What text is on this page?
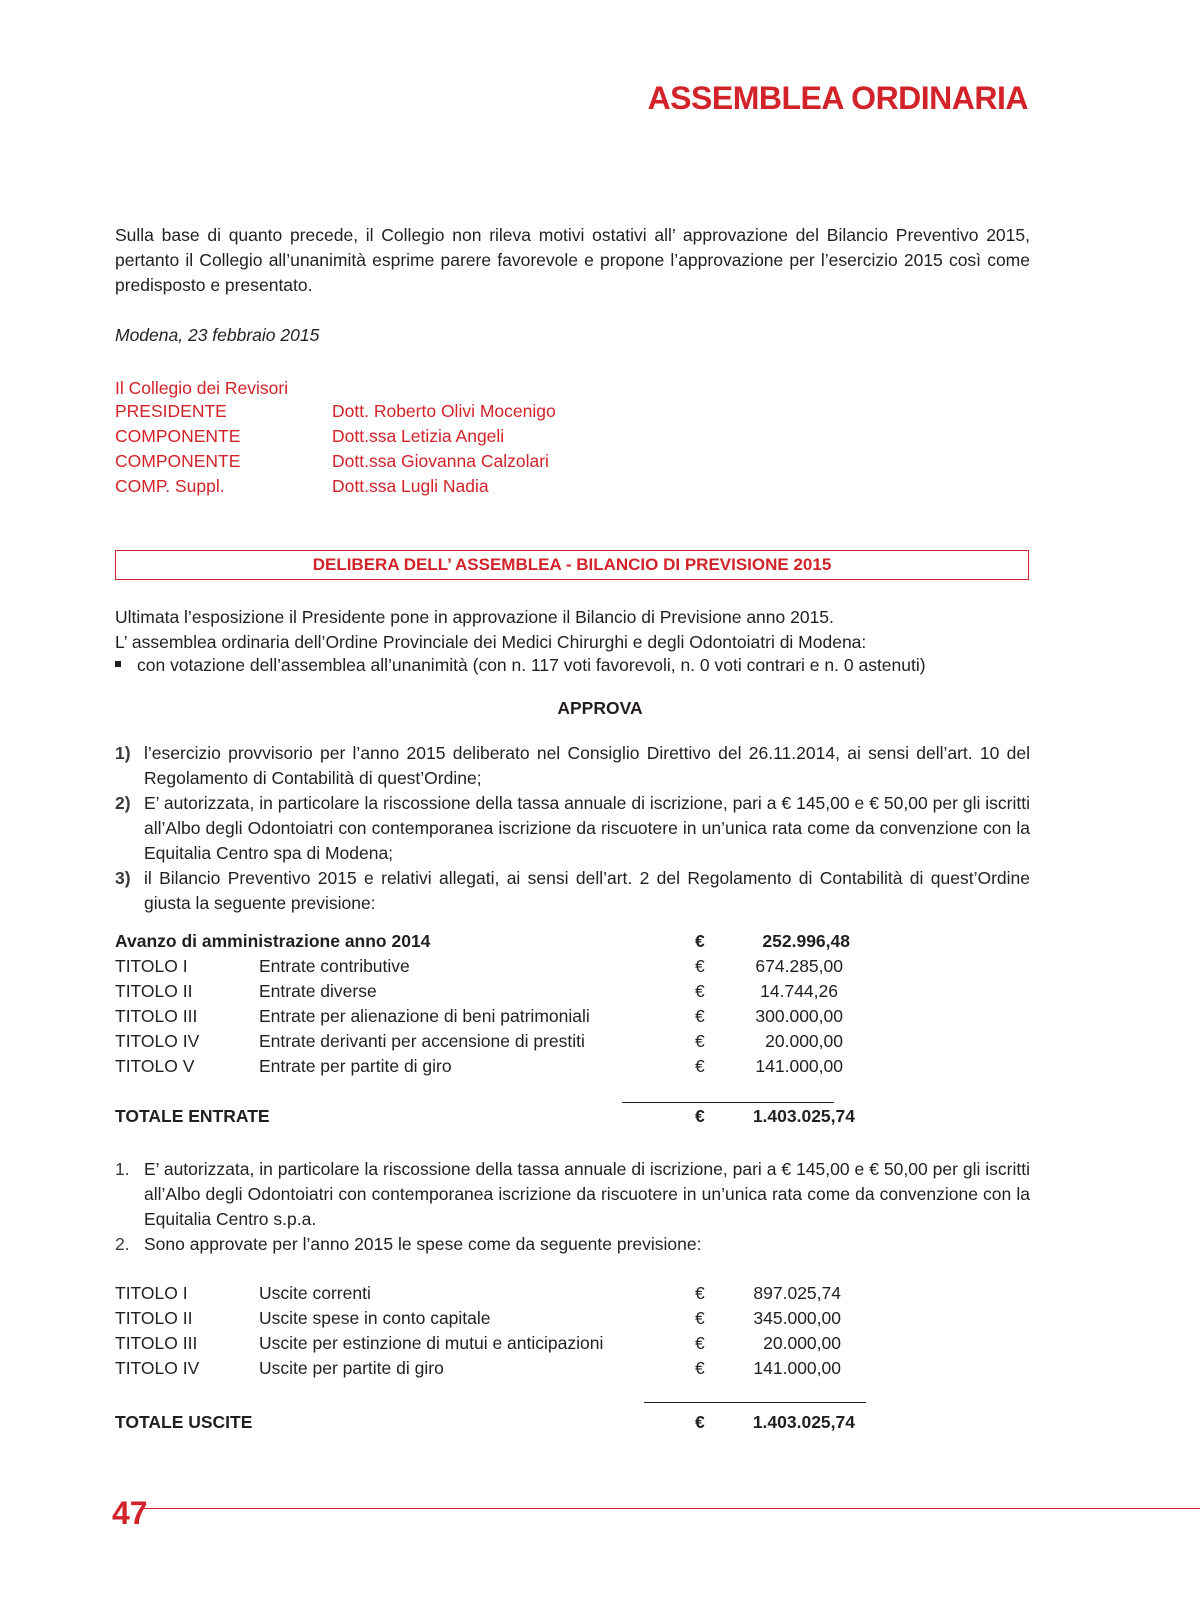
ASSEMBLEA ORDINARIA
Sulla base di quanto precede, il Collegio non rileva motivi ostativi all’ approvazione del Bilancio Preventivo 2015, pertanto il Collegio all’unanimità esprime parere favorevole e propone l’approvazione per l’esercizio 2015 così come predisposto e presentato.
Modena, 23 febbraio 2015
Il Collegio dei Revisori
PRESIDENTE	Dott. Roberto Olivi Mocenigo
COMPONENTE	Dott.ssa Letizia Angeli
COMPONENTE	Dott.ssa Giovanna Calzolari
COMP. Suppl.	Dott.ssa Lugli Nadia
DELIBERA DELL’ ASSEMBLEA - BILANCIO DI PREVISIONE 2015
Ultimata l’esposizione il Presidente pone in approvazione il Bilancio di Previsione anno 2015.
L’ assemblea ordinaria dell’Ordine Provinciale dei Medici Chirurghi e degli Odontoiatri di Modena:
con votazione dell’assemblea all’unanimità (con n. 117 voti favorevoli, n. 0 voti contrari e n. 0 astenuti)
APPROVA
1) l’esercizio provvisorio per l’anno 2015 deliberato nel Consiglio Direttivo del 26.11.2014, ai sensi dell’art. 10 del Regolamento di Contabilità di quest’Ordine;
2) E’ autorizzata, in particolare la riscossione della tassa annuale di iscrizione, pari a € 145,00 e € 50,00 per gli iscritti all’Albo degli Odontoiatri con contemporanea iscrizione da riscuotere in un’unica rata come da convenzione con la Equitalia Centro spa di Modena;
3) il Bilancio Preventivo 2015 e relativi allegati, ai sensi dell’art. 2 del Regolamento di Contabilità di quest’Ordine giusta la seguente previsione:
Avanzo di amministrazione anno 2014	€	252.996,48
TITOLO I	Entrate contributive	€	674.285,00
TITOLO II	Entrate diverse	€	14.744,26
TITOLO III	Entrate per alienazione di beni patrimoniali	€	300.000,00
TITOLO IV	Entrate derivanti per accensione di prestiti	€	20.000,00
TITOLO V	Entrate per partite di giro	€	141.000,00
TOTALE ENTRATE	€	1.403.025,74
1. E’ autorizzata, in particolare la riscossione della tassa annuale di iscrizione, pari a € 145,00 e € 50,00 per gli iscritti all’Albo degli Odontoiatri con contemporanea iscrizione da riscuotere in un’unica rata come da convenzione con la Equitalia Centro s.p.a.
2. Sono approvate per l’anno 2015 le spese come da seguente previsione:
TITOLO I	Uscite correnti	€	897.025,74
TITOLO II	Uscite spese in conto capitale	€	345.000,00
TITOLO III	Uscite per estinzione di mutui e anticipazioni	€	20.000,00
TITOLO IV	Uscite per partite di giro	€	141.000,00
TOTALE USCITE	€	1.403.025,74
47
